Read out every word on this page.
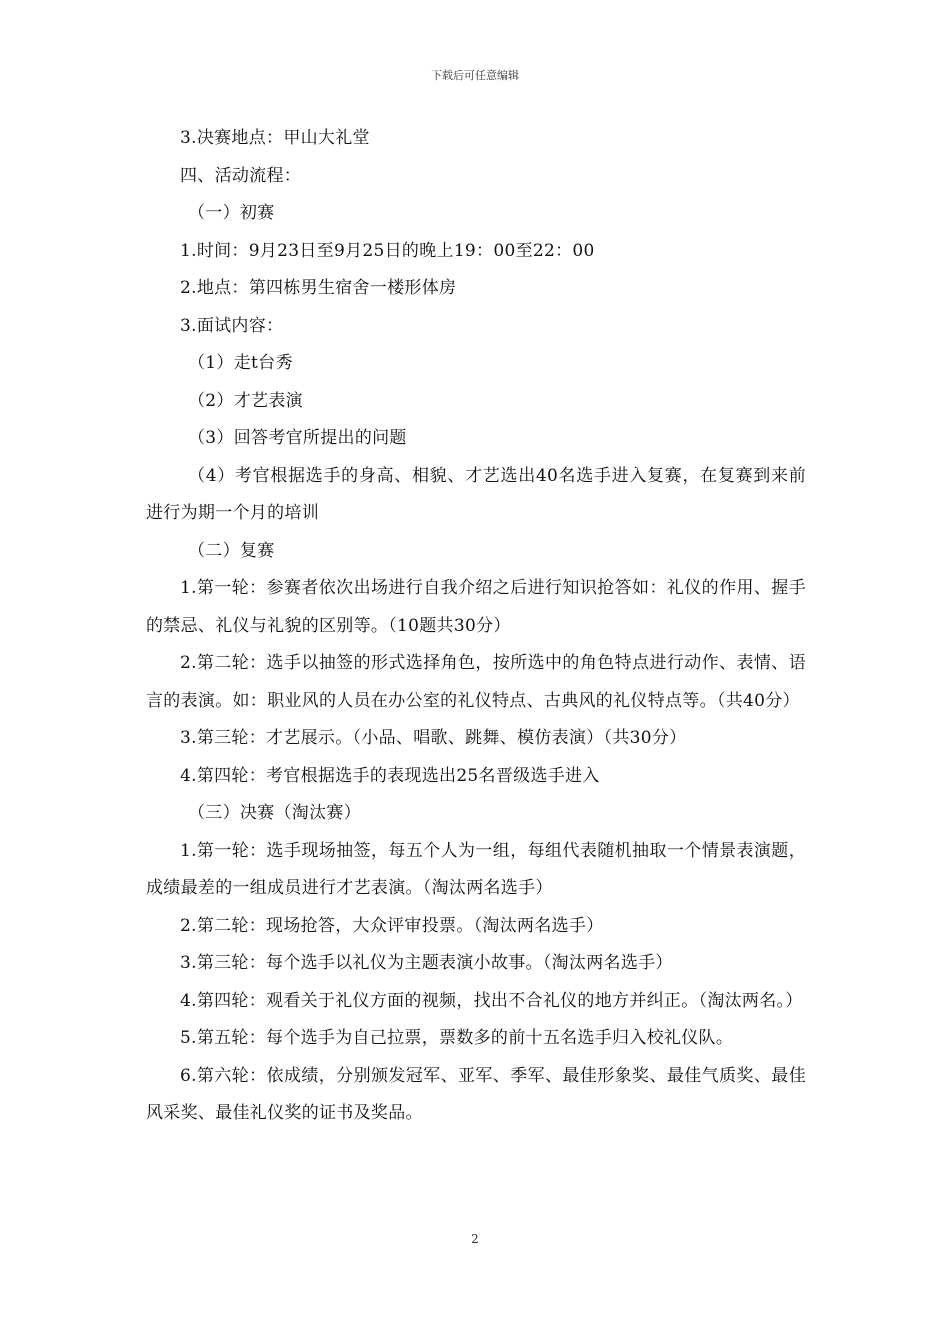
下载后可任意编辑

3.决赛地点：甲山大礼堂

四、活动流程：

（一）初赛

1.时间：9月23日至9月25日的晚上19：00至22：00

2.地点：第四栋男生宿舍一楼形体房

3.面试内容：

（1）走t台秀

（2）才艺表演

（3）回答考官所提出的问题

（4）考官根据选手的身高、相貌、才艺选出40名选手进入复赛，在复赛到来前进行为期一个月的培训

（二）复赛

1.第一轮：参赛者依次出场进行自我介绍之后进行知识抢答如：礼仪的作用、握手的禁忌、礼仪与礼貌的区别等。（10题共30分）

2.第二轮：选手以抽签的形式选择角色，按所选中的角色特点进行动作、表情、语言的表演。如：职业风的人员在办公室的礼仪特点、古典风的礼仪特点等。（共40分）

3.第三轮：才艺展示。（小品、唱歌、跳舞、模仿表演）（共30分）

4.第四轮：考官根据选手的表现选出25名晋级选手进入

（三）决赛（淘汰赛）

1.第一轮：选手现场抽签，每五个人为一组，每组代表随机抽取一个情景表演题，成绩最差的一组成员进行才艺表演。（淘汰两名选手）

2.第二轮：现场抢答，大众评审投票。（淘汰两名选手）

3.第三轮：每个选手以礼仪为主题表演小故事。（淘汰两名选手）

4.第四轮：观看关于礼仪方面的视频，找出不合礼仪的地方并纠正。（淘汰两名。）

5.第五轮：每个选手为自己拉票，票数多的前十五名选手归入校礼仪队。

6.第六轮：依成绩，分别颁发冠军、亚军、季军、最佳形象奖、最佳气质奖、最佳风采奖、最佳礼仪奖的证书及奖品。

2
